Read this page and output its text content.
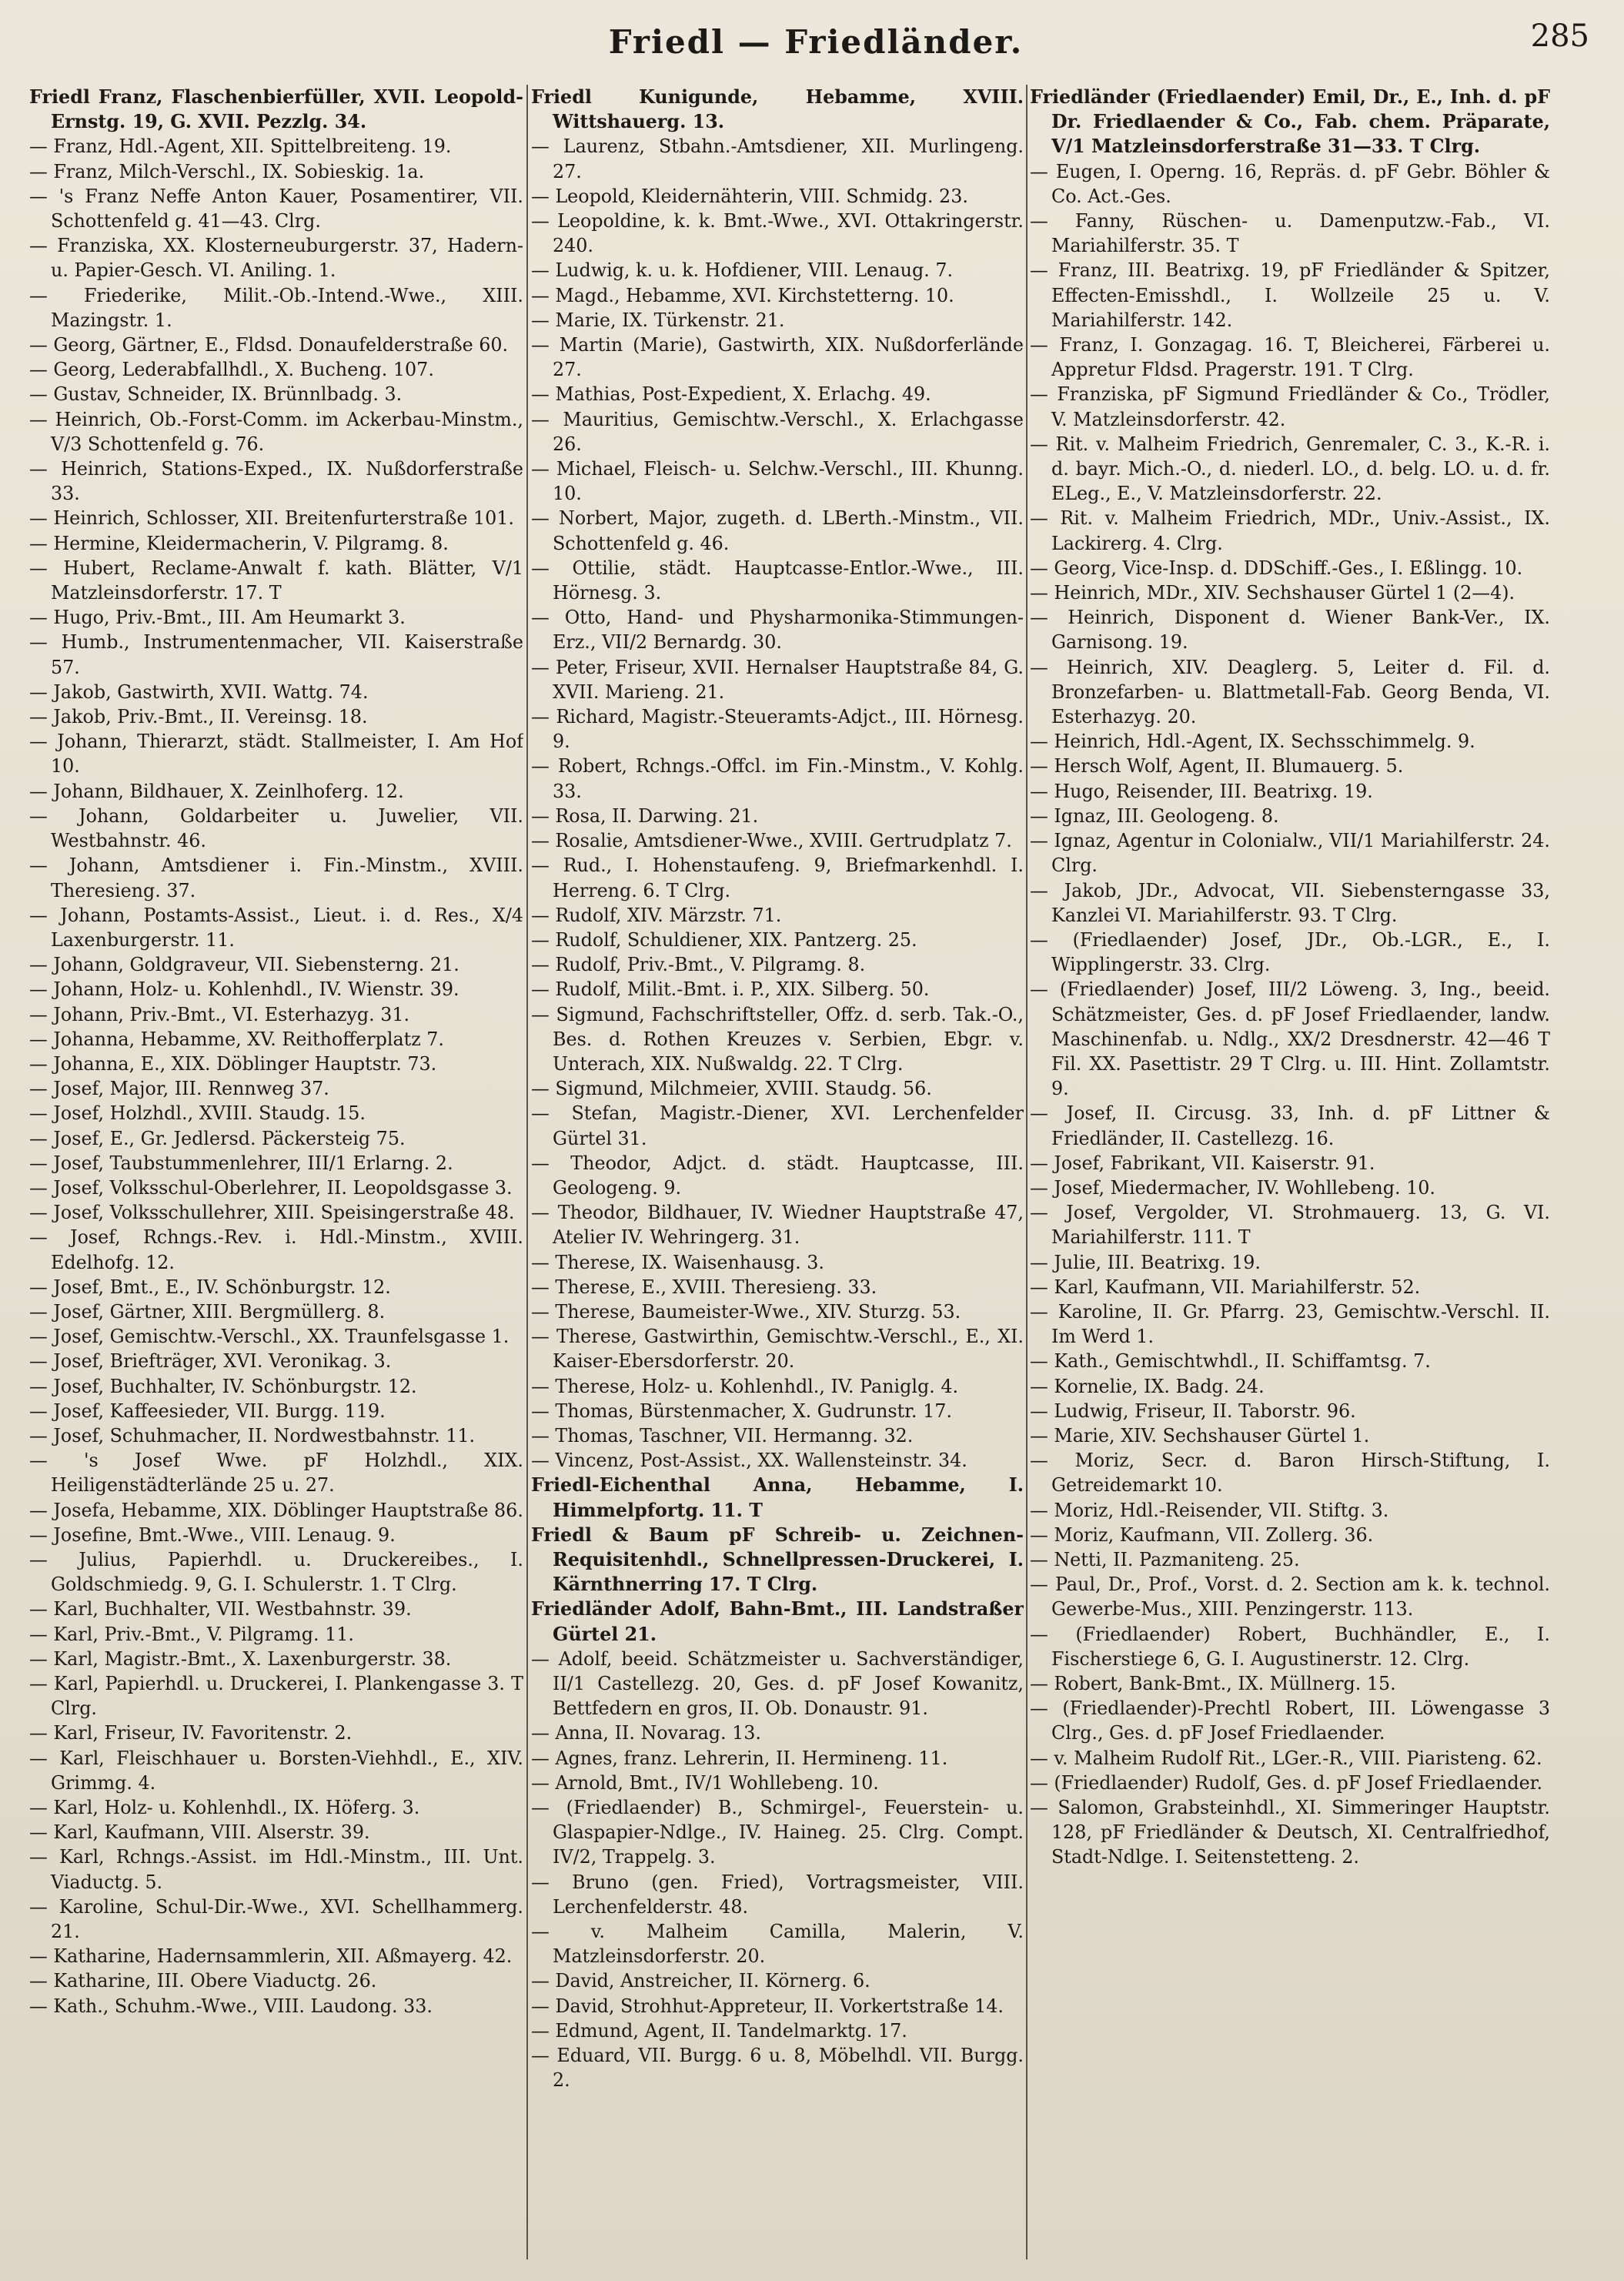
Friedl — Friedländer.	285

Friedl Franz, Flaschenbierfüller, XVII. Leopold-Ernstg. 19, G. XVII. Pezzlg. 34.

— Franz, Hdl.-Agent, XII. Spittelbreiteng. 19.

— Franz, Milch-Verschl., IX. Sobieskig. 1a.

— 's Franz Neffe Anton Kauer, Posamentirer, VII. Schottenfeld g. 41—43. Clrg.

— Franziska, XX. Klosterneuburgerstr. 37, Hadern- u. Papier-Gesch. VI. Aniling. 1.

— Friederike, Milit.-Ob.-Intend.-Wwe., XIII. Mazingstr. 1.

— Georg, Gärtner, E., Fldsd. Donaufelderstraße 60.

— Georg, Lederabfallhdl., X. Bucheng. 107.

— Gustav, Schneider, IX. Brünnlbadg. 3.

— Heinrich, Ob.-Forst-Comm. im Ackerbau-Minstm., V/3 Schottenfeld g. 76.

— Heinrich, Stations-Exped., IX. Nußdorferstraße 33.

— Heinrich, Schlosser, XII. Breitenfurterstraße 101.

— Hermine, Kleidermacherin, V. Pilgramg. 8.

— Hubert, Reclame-Anwalt f. kath. Blätter, V/1 Matzleinsdorferstr. 17. T

— Hugo, Priv.-Bmt., III. Am Heumarkt 3.

— Humb., Instrumentenmacher, VII. Kaiserstraße 57.

— Jakob, Gastwirth, XVII. Wattg. 74.

— Jakob, Priv.-Bmt., II. Vereinsg. 18.

— Johann, Thierarzt, städt. Stallmeister, I. Am Hof 10.

— Johann, Bildhauer, X. Zeinlhoferg. 12.

— Johann, Goldarbeiter u. Juwelier, VII. Westbahnstr. 46.

— Johann, Amtsdiener i. Fin.-Minstm., XVIII. Theresieng. 37.

— Johann, Postamts-Assist., Lieut. i. d. Res., X/4 Laxenburgerstr. 11.

— Johann, Goldgraveur, VII. Siebensterng. 21.

— Johann, Holz- u. Kohlenhdl., IV. Wienstr. 39.

— Johann, Priv.-Bmt., VI. Esterhazyg. 31.

— Johanna, Hebamme, XV. Reithofferplatz 7.

— Johanna, E., XIX. Döblinger Hauptstr. 73.

— Josef, Major, III. Rennweg 37.

— Josef, Holzhdl., XVIII. Staudg. 15.

— Josef, E., Gr. Jedlersd. Päckersteig 75.

— Josef, Taubstummenlehrer, III/1 Erlarng. 2.

— Josef, Volksschul-Oberlehrer, II. Leopoldsgasse 3.

— Josef, Volksschullehrer, XIII. Speisingerstraße 48.

— Josef, Rchngs.-Rev. i. Hdl.-Minstm., XVIII. Edelhofg. 12.

— Josef, Bmt., E., IV. Schönburgstr. 12.

— Josef, Gärtner, XIII. Bergmüllerg. 8.

— Josef, Gemischtw.-Verschl., XX. Traunfelsgasse 1.

— Josef, Briefträger, XVI. Veronikag. 3.

— Josef, Buchhalter, IV. Schönburgstr. 12.

— Josef, Kaffeesieder, VII. Burgg. 119.

— Josef, Schuhmacher, II. Nordwestbahnstr. 11.

— 's Josef Wwe. pF Holzhdl., XIX. Heiligenstädterlände 25 u. 27.

— Josefa, Hebamme, XIX. Döblinger Hauptstraße 86.

— Josefine, Bmt.-Wwe., VIII. Lenaug. 9.

— Julius, Papierhdl. u. Druckereibes., I. Goldschmiedg. 9, G. I. Schulerstr. 1. T Clrg.

— Karl, Buchhalter, VII. Westbahnstr. 39.

— Karl, Priv.-Bmt., V. Pilgramg. 11.

— Karl, Magistr.-Bmt., X. Laxenburgerstr. 38.

— Karl, Papierhdl. u. Druckerei, I. Plankengasse 3. T Clrg.

— Karl, Friseur, IV. Favoritenstr. 2.

— Karl, Fleischhauer u. Borsten-Viehhdl., E., XIV. Grimmg. 4.

— Karl, Holz- u. Kohlenhdl., IX. Höferg. 3.

— Karl, Kaufmann, VIII. Alserstr. 39.

— Karl, Rchngs.-Assist. im Hdl.-Minstm., III. Unt. Viaductg. 5.

— Karoline, Schul-Dir.-Wwe., XVI. Schellhammerg. 21.

— Katharine, Hadernsammlerin, XII. Aßmayerg. 42.

— Katharine, III. Obere Viaductg. 26.

— Kath., Schuhm.-Wwe., VIII. Laudong. 33.

Friedl Kunigunde, Hebamme, XVIII. Wittshauerg. 13.

— Laurenz, Stbahn.-Amtsdiener, XII. Murlingeng. 27.

— Leopold, Kleidernähterin, VIII. Schmidg. 23.

— Leopoldine, k. k. Bmt.-Wwe., XVI. Ottakringerstr. 240.

— Ludwig, k. u. k. Hofdiener, VIII. Lenaug. 7.

— Magd., Hebamme, XVI. Kirchstetterng. 10.

— Marie, IX. Türkenstr. 21.

— Martin (Marie), Gastwirth, XIX. Nußdorferlände 27.

— Mathias, Post-Expedient, X. Erlachg. 49.

— Mauritius, Gemischtw.-Verschl., X. Erlachgasse 26.

— Michael, Fleisch- u. Selchw.-Verschl., III. Khunng. 10.

— Norbert, Major, zugeth. d. LBerth.-Minstm., VII. Schottenfeld g. 46.

— Ottilie, städt. Hauptcasse-Entlor.-Wwe., III. Hörnesg. 3.

— Otto, Hand- und Physharmonika-Stimmungen-Erz., VII/2 Bernardg. 30.

— Peter, Friseur, XVII. Hernalser Hauptstraße 84, G. XVII. Marieng. 21.

— Richard, Magistr.-Steueramts-Adjct., III. Hörnesg. 9.

— Robert, Rchngs.-Offcl. im Fin.-Minstm., V. Kohlg. 33.

— Rosa, II. Darwing. 21.

— Rosalie, Amtsdiener-Wwe., XVIII. Gertrudplatz 7.

— Rud., I. Hohenstaufeng. 9, Briefmarkenhdl. I. Herreng. 6. T Clrg.

— Rudolf, XIV. Märzstr. 71.

— Rudolf, Schuldiener, XIX. Pantzerg. 25.

— Rudolf, Priv.-Bmt., V. Pilgramg. 8.

— Rudolf, Milit.-Bmt. i. P., XIX. Silberg. 50.

— Sigmund, Fachschriftsteller, Offz. d. serb. Tak.-O., Bes. d. Rothen Kreuzes v. Serbien, Ebgr. v. Unterach, XIX. Nußwaldg. 22. T Clrg.

— Sigmund, Milchmeier, XVIII. Staudg. 56.

— Stefan, Magistr.-Diener, XVI. Lerchenfelder Gürtel 31.

— Theodor, Adjct. d. städt. Hauptcasse, III. Geologeng. 9.

— Theodor, Bildhauer, IV. Wiedner Hauptstraße 47, Atelier IV. Wehringerg. 31.

— Therese, IX. Waisenhausg. 3.

— Therese, E., XVIII. Theresieng. 33.

— Therese, Baumeister-Wwe., XIV. Sturzg. 53.

— Therese, Gastwirthin, Gemischtw.-Verschl., E., XI. Kaiser-Ebersdorferstr. 20.

— Therese, Holz- u. Kohlenhdl., IV. Paniglg. 4.

— Thomas, Bürstenmacher, X. Gudrunstr. 17.

— Thomas, Taschner, VII. Hermanng. 32.

— Vincenz, Post-Assist., XX. Wallensteinstr. 34.

Friedl-Eichenthal Anna, Hebamme, I. Himmelpfortg. 11. T

Friedl & Baum pF Schreib- u. Zeichnen-Requisitenhdl., Schnellpressen-Druckerei, I. Kärnthnerring 17. T Clrg.

Friedländer Adolf, Bahn-Bmt., III. Landstraßer Gürtel 21.

— Adolf, beeid. Schätzmeister u. Sachverständiger, II/1 Castellezg. 20, Ges. d. pF Josef Kowanitz, Bettfedern en gros, II. Ob. Donaustr. 91.

— Anna, II. Novarag. 13.

— Agnes, franz. Lehrerin, II. Hermineng. 11.

— Arnold, Bmt., IV/1 Wohllebeng. 10.

— (Friedlaender) B., Schmirgel-, Feuerstein- u. Glaspapier-Ndlge., IV. Haineg. 25. Clrg. Compt. IV/2, Trappelg. 3.

— Bruno (gen. Fried), Vortragsmeister, VIII. Lerchenfelderstr. 48.

— v. Malheim Camilla, Malerin, V. Matzleinsdorferstr. 20.

— David, Anstreicher, II. Körnerg. 6.

— David, Strohhut-Appreteur, II. Vorkertstraße 14.

— Edmund, Agent, II. Tandelmarktg. 17.

— Eduard, VII. Burgg. 6 u. 8, Möbelhdl. VII. Burgg. 2.

Friedländer (Friedlaender) Emil, Dr., E., Inh. d. pF Dr. Friedlaender & Co., Fab. chem. Präparate, V/1 Matzleinsdorferstraße 31—33. T Clrg.

— Eugen, I. Operng. 16, Repräs. d. pF Gebr. Böhler & Co. Act.-Ges.

— Fanny, Rüschen- u. Damenputzw.-Fab., VI. Mariahilferstr. 35. T

— Franz, III. Beatrixg. 19, pF Friedländer & Spitzer, Effecten-Emisshdl., I. Wollzeile 25 u. V. Mariahilferstr. 142.

— Franz, I. Gonzagag. 16. T, Bleicherei, Färberei u. Appretur Fldsd. Pragerstr. 191. T Clrg.

— Franziska, pF Sigmund Friedländer & Co., Trödler, V. Matzleinsdorferstr. 42.

— Rit. v. Malheim Friedrich, Genremaler, C. 3., K.-R. i. d. bayr. Mich.-O., d. niederl. LO., d. belg. LO. u. d. fr. ELeg., E., V. Matzleinsdorferstr. 22.

— Rit. v. Malheim Friedrich, MDr., Univ.-Assist., IX. Lackirerg. 4. Clrg.

— Georg, Vice-Insp. d. DDSchiff.-Ges., I. Eßlingg. 10.

— Heinrich, MDr., XIV. Sechshauser Gürtel 1 (2—4).

— Heinrich, Disponent d. Wiener Bank-Ver., IX. Garnisong. 19.

— Heinrich, XIV. Deaglerg. 5, Leiter d. Fil. d. Bronzefarben- u. Blattmetall-Fab. Georg Benda, VI. Esterhazyg. 20.

— Heinrich, Hdl.-Agent, IX. Sechsschimmelg. 9.

— Hersch Wolf, Agent, II. Blumauerg. 5.

— Hugo, Reisender, III. Beatrixg. 19.

— Ignaz, III. Geologeng. 8.

— Ignaz, Agentur in Colonialw., VII/1 Mariahilferstr. 24. Clrg.

— Jakob, JDr., Advocat, VII. Siebensterngasse 33, Kanzlei VI. Mariahilferstr. 93. T Clrg.

— (Friedlaender) Josef, JDr., Ob.-LGR., E., I. Wipplingerstr. 33. Clrg.

— (Friedlaender) Josef, III/2 Löweng. 3, Ing., beeid. Schätzmeister, Ges. d. pF Josef Friedlaender, landw. Maschinenfab. u. Ndlg., XX/2 Dresdnerstr. 42—46 T Fil. XX. Pasettistr. 29 T Clrg. u. III. Hint. Zollamtstr. 9.

— Josef, II. Circusg. 33, Inh. d. pF Littner & Friedländer, II. Castellezg. 16.

— Josef, Fabrikant, VII. Kaiserstr. 91.

— Josef, Miedermacher, IV. Wohllebeng. 10.

— Josef, Vergolder, VI. Strohmauerg. 13, G. VI. Mariahilferstr. 111. T

— Julie, III. Beatrixg. 19.

— Karl, Kaufmann, VII. Mariahilferstr. 52.

— Karoline, II. Gr. Pfarrg. 23, Gemischtw.-Verschl. II. Im Werd 1.

— Kath., Gemischtwhdl., II. Schiffamtsg. 7.

— Kornelie, IX. Badg. 24.

— Ludwig, Friseur, II. Taborstr. 96.

— Marie, XIV. Sechshauser Gürtel 1.

— Moriz, Secr. d. Baron Hirsch-Stiftung, I. Getreidemarkt 10.

— Moriz, Hdl.-Reisender, VII. Stiftg. 3.

— Moriz, Kaufmann, VII. Zollerg. 36.

— Netti, II. Pazmaniteng. 25.

— Paul, Dr., Prof., Vorst. d. 2. Section am k. k. technol. Gewerbe-Mus., XIII. Penzingerstr. 113.

— (Friedlaender) Robert, Buchhändler, E., I. Fischerstiege 6, G. I. Augustinerstr. 12. Clrg.

— Robert, Bank-Bmt., IX. Müllnerg. 15.

— (Friedlaender)-Prechtl Robert, III. Löwengasse 3 Clrg., Ges. d. pF Josef Friedlaender.

— v. Malheim Rudolf Rit., LGer.-R., VIII. Piaristeng. 62.

— (Friedlaender) Rudolf, Ges. d. pF Josef Friedlaender.

— Salomon, Grabsteinhdl., XI. Simmeringer Hauptstr. 128, pF Friedländer & Deutsch, XI. Centralfriedhof, Stadt-Ndlge. I. Seitenstetteng. 2.
